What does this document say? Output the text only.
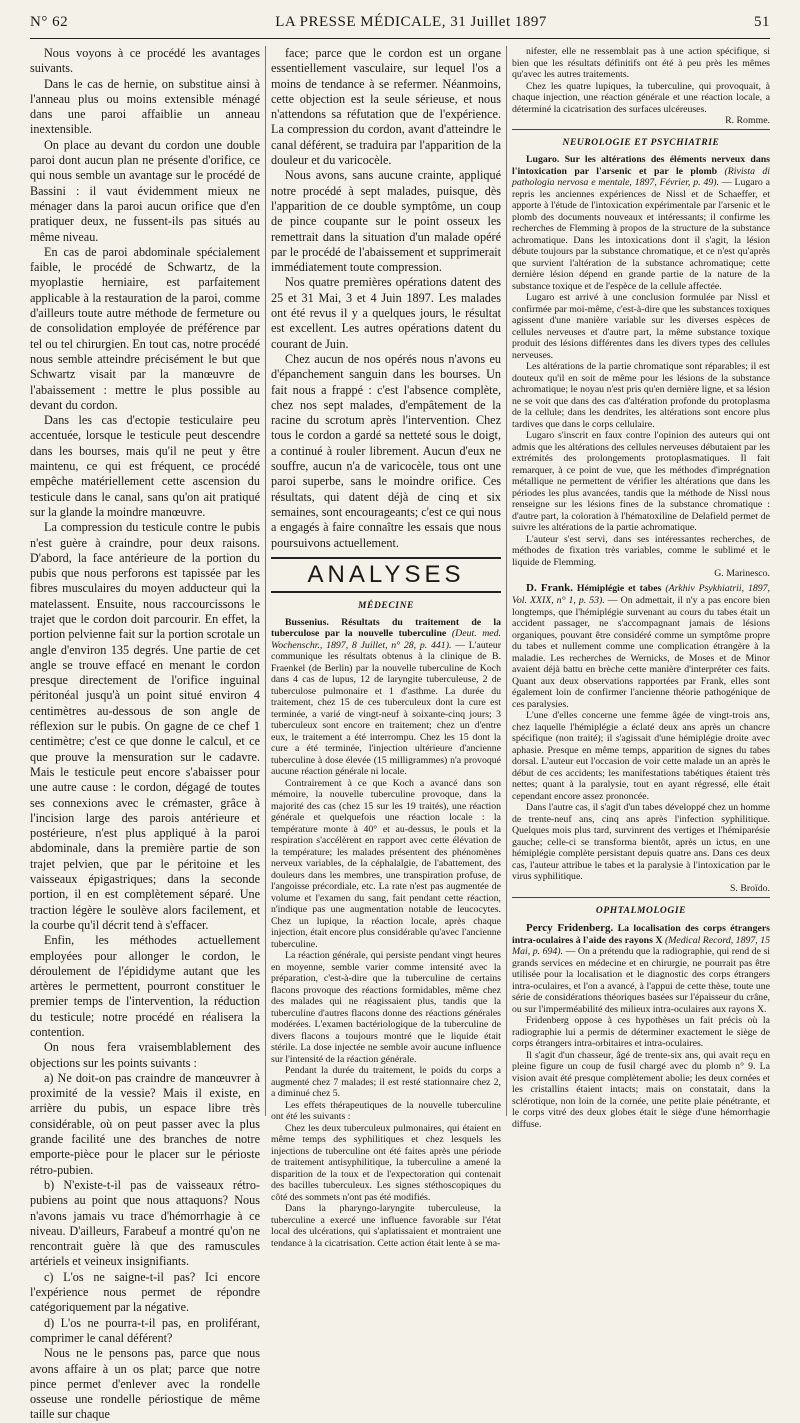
N° 62	LA PRESSE MÉDICALE, 31 Juillet 1897	51

Nous voyons à ce procédé les avantages suivants.

Dans le cas de hernie, on substitue ainsi à l'anneau plus ou moins extensible ménagé dans une paroi affaiblie un anneau inextensible.

On place au devant du cordon une double paroi dont aucun plan ne présente d'orifice, ce qui nous semble un avantage sur le procédé de Bassini : il vaut évidemment mieux ne ménager dans la paroi aucun orifice que d'en pratiquer deux, ne fussent-ils pas situés au même niveau.

En cas de paroi abdominale spécialement faible, le procédé de Schwartz, de la myoplastie herniaire, est parfaitement applicable à la restauration de la paroi, comme d'ailleurs toute autre méthode de fermeture ou de consolidation employée de préférence par tel ou tel chirurgien. En tout cas, notre procédé nous semble atteindre précisément le but que Schwartz visait par la manœuvre de l'abaissement : mettre le plus possible au devant du cordon.

Dans les cas d'ectopie testiculaire peu accentuée, lorsque le testicule peut descendre dans les bourses, mais qu'il ne peut y être maintenu, ce qui est fréquent, ce procédé empêche matériellement cette ascension du testicule dans le canal, sans qu'on ait pratiqué sur la glande la moindre manœuvre.

La compression du testicule contre le pubis n'est guère à craindre, pour deux raisons. D'abord, la face antérieure de la portion du pubis que nous perforons est tapissée par les fibres musculaires du moyen adducteur qui la matelassent. Ensuite, nous raccourcissons le trajet que le cordon doit parcourir. En effet, la portion pelvienne fait sur la portion scrotale un angle d'environ 135 degrés. Une partie de cet angle se trouve effacé en menant le cordon presque directement de l'orifice inguinal péritonéal jusqu'à un point situé environ 4 centimètres au-dessous de son angle de réflexion sur le pubis. On gagne de ce chef 1 centimètre; c'est ce que donne le calcul, et ce que prouve la mensuration sur le cadavre. Mais le testicule peut encore s'abaisser pour une autre cause : le cordon, dégagé de toutes ses connexions avec le crémaster, grâce à l'incision large des parois antérieure et postérieure, n'est plus appliqué à la paroi abdominale, dans la première partie de son trajet pelvien, que par le péritoine et les vaisseaux épigastriques; dans la seconde portion, il en est complètement séparé. Une traction légère le soulève alors facilement, et la courbe qu'il décrit tend à s'effacer.

Enfin, les méthodes actuellement employées pour allonger le cordon, le déroulement de l'épididyme autant que les artères le permettent, pourront constituer le premier temps de l'intervention, la réduction du testicule; notre procédé en réalisera la contention.

On nous fera vraisemblablement des objections sur les points suivants :

a) Ne doit-on pas craindre de manœuvrer à proximité de la vessie? Mais il existe, en arrière du pubis, un espace libre très considérable, où on peut passer avec la plus grande facilité une des branches de notre emporte-pièce pour le placer sur le périoste rétro-pubien.

b) N'existe-t-il pas de vaisseaux rétro-pubiens au point que nous attaquons? Nous n'avons jamais vu trace d'hémorrhagie à ce niveau. D'ailleurs, Farabeuf a montré qu'on ne rencontrait guère là que des ramuscules artériels et veineux insignifiants.

c) L'os ne saigne-t-il pas? Ici encore l'expérience nous permet de répondre catégoriquement par la négative.

d) L'os ne pourra-t-il pas, en proliférant, comprimer le canal déférent?

Nous ne le pensons pas, parce que nous avons affaire à un os plat; parce que notre pince permet d'enlever avec la rondelle osseuse une rondelle périostique de même taille sur chaque

face; parce que le cordon est un organe essentiellement vasculaire, sur lequel l'os a moins de tendance à se refermer. Néanmoins, cette objection est la seule sérieuse, et nous n'attendons sa réfutation que de l'expérience. La compression du cordon, avant d'atteindre le canal déférent, se traduira par l'apparition de la douleur et du varicocèle.

Nous avons, sans aucune crainte, appliqué notre procédé à sept malades, puisque, dès l'apparition de ce double symptôme, un coup de pince coupante sur le point osseux les remettrait dans la situation d'un malade opéré par le procédé de l'abaissement et supprimerait immédiatement toute compression.

Nos quatre premières opérations datent des 25 et 31 Mai, 3 et 4 Juin 1897. Les malades ont été revus il y a quelques jours, le résultat est excellent. Les autres opérations datent du courant de Juin.

Chez aucun de nos opérés nous n'avons eu d'épanchement sanguin dans les bourses. Un fait nous a frappé : c'est l'absence complète, chez nos sept malades, d'empâtement de la racine du scrotum après l'intervention. Chez tous le cordon a gardé sa netteté sous le doigt, a continué à rouler librement. Aucun d'eux ne souffre, aucun n'a de varicocèle, tous ont une paroi superbe, sans le moindre orifice. Ces résultats, qui datent déjà de cinq et six semaines, sont encourageants; c'est ce qui nous a engagés à faire connaître les essais que nous poursuivons actuellement.

ANALYSES
MÉDECINE

Bussenius. Résultats du traitement de la tuberculose par la nouvelle tuberculine (Deut. med. Wochenschr., 1897, 8 Juillet, n° 28, p. 441). — L'auteur communique les résultats obtenus à la clinique de B. Fraenkel (de Berlin) par la nouvelle tuberculine de Koch dans 4 cas de lupus, 12 de laryngite tuberculeuse, 2 de tuberculose pulmonaire et 1 d'asthme. La durée du traitement, chez 15 de ces tuberculeux dont la cure est terminée, a varié de vingt-neuf à soixante-cinq jours; 3 tuberculeux sont encore en traitement; chez un d'entre eux, le traitement a été interrompu. Chez les 15 dont la cure a été terminée, l'injection ultérieure d'ancienne tuberculine à dose élevée (15 milligrammes) n'a provoqué aucune réaction générale ni locale.

Contrairement à ce que Koch a avancé dans son mémoire, la nouvelle tuberculine provoque, dans la majorité des cas (chez 15 sur les 19 traités), une réaction générale et quelquefois une réaction locale : la température monte à 40° et au-dessus, le pouls et la respiration s'accélèrent en rapport avec cette élévation de la température; les malades présentent des phénomènes nerveux variables, de la céphalalgie, de l'abattement, des douleurs dans les membres, une transpiration profuse, de l'angoisse précordiale, etc. La rate n'est pas augmentée de volume et l'examen du sang, fait pendant cette réaction, n'indique pas une augmentation notable de leucocytes. Chez un lupique, la réaction locale, après chaque injection, était encore plus considérable qu'avec l'ancienne tuberculine.

La réaction générale, qui persiste pendant vingt heures en moyenne, semble varier comme intensité avec la préparation, c'est-à-dire que la tuberculine de certains flacons provoque des réactions formidables, même chez des malades qui ne réagissaient plus, tandis que la tuberculine d'autres flacons donne des réactions générales modérées. L'examen bactériologique de la tuberculine de divers flacons a toujours montré que le liquide était stérile. La dose injectée ne semble avoir aucune influence sur l'intensité de la réaction générale.

Pendant la durée du traitement, le poids du corps a augmenté chez 7 malades; il est resté stationnaire chez 2, a diminué chez 5.

Les effets thérapeutiques de la nouvelle tuberculine ont été les suivants :

Chez les deux tuberculeux pulmonaires, qui étaient en même temps des syphilitiques et chez lesquels les injections de tuberculine ont été faites après une période de traitement antisyphilitique, la tuberculine a amené la disparition de la toux et de l'expectoration qui contenait des bacilles tuberculeux. Les signes stéthoscopiques du côté des sommets n'ont pas été modifiés.

Dans la pharyngo-laryngite tuberculeuse, la tuberculine a exercé une influence favorable sur l'état local des ulcérations, qui s'aplatissaient et montraient une tendance à la cicatrisation. Cette action était lente à se ma-

nifester, elle ne ressemblait pas à une action spécifique, si bien que les résultats définitifs ont été à peu près les mêmes qu'avec les autres traitements.

Chez les quatre lupiques, la tuberculine, qui provoquait, à chaque injection, une réaction générale et une réaction locale, a déterminé la cicatrisation des surfaces ulcéreuses.

R. Romme.

NEUROLOGIE ET PSYCHIATRIE

Lugaro. Sur les altérations des éléments nerveux dans l'intoxication par l'arsenic et par le plomb (Rivista di pathologia nervosa e mentale, 1897, Février, p. 49). — Lugaro a repris les anciennes expériences de Nissl et de Schaeffer, et apporte à l'étude de l'intoxication expérimentale par l'arsenic et le plomb des documents nouveaux et intéressants; il confirme les recherches de Flemming à propos de la structure de la substance achromatique. Dans les intoxications dont il s'agit, la lésion débute toujours par la substance chromatique, et ce n'est qu'après que survient l'altération de la substance achromatique; cette dernière lésion dépend en grande partie de la nature de la substance toxique et de l'espèce de la cellule affectée.

Lugaro est arrivé à une conclusion formulée par Nissl et confirmée par moi-même, c'est-à-dire que les substances toxiques agissent d'une manière variable sur les diverses espèces de cellules nerveuses et d'autre part, la même substance toxique produit des lésions différentes dans les divers types des cellules nerveuses.

Les altérations de la partie chromatique sont réparables; il est douteux qu'il en soit de même pour les lésions de la substance achromatique; le noyau n'est pris qu'en dernière ligne, et sa lésion ne se voit que dans des cas d'altération profonde du protoplasma de la cellule; dans les dendrites, les altérations sont encore plus tardives que dans le corps cellulaire.

Lugaro s'inscrit en faux contre l'opinion des auteurs qui ont admis que les altérations des cellules nerveuses débutaient par les extrémités des prolongements protoplasmatiques. Il fait remarquer, à ce point de vue, que les méthodes d'imprégnation métallique ne permettent de vérifier les altérations que dans les périodes les plus avancées, tandis que la méthode de Nissl nous renseigne sur les lésions fines de la substance chromatique : d'autre part, la coloration à l'hématoxiline de Delafield permet de suivre les altérations de la partie achromatique.

L'auteur s'est servi, dans ses intéressantes recherches, de méthodes de fixation très variables, comme le sublimé et le liquide de Flemming.

G. Marinesco.

D. Frank. Hémiplégie et tabes (Arkhiv Psykhiatrii, 1897, Vol. XXIX, n° 1, p. 53). — On admettait, il n'y a pas encore bien longtemps, que l'hémiplégie survenant au cours du tabes était un accident passager, ne s'accompagnant jamais de lésions organiques, pouvant être considéré comme un symptôme propre du tabes et nullement comme une complication étrangère à la maladie. Les recherches de Wernicks, de Moses et de Minor avaient déjà battu en brèche cette manière d'interpréter ces faits. Quant aux deux observations rapportées par Frank, elles sont également loin de confirmer l'ancienne théorie pathogénique de ces paralysies.

L'une d'elles concerne une femme âgée de vingt-trois ans, chez laquelle l'hémiplégie a éclaté deux ans après un chancre spécifique (non traité); il s'agissait d'une hémiplégie droite avec aphasie. Presque en même temps, apparition de signes du tabes dorsal. L'auteur eut l'occasion de voir cette malade un an après le début de ces accidents; les manifestations tabétiques étaient très nettes; quant à la paralysie, tout en ayant régressé, elle était cependant encore assez prononcée.

Dans l'autre cas, il s'agit d'un tabes développé chez un homme de trente-neuf ans, cinq ans après l'infection syphilitique. Quelques mois plus tard, survinrent des vertiges et l'hémiparésie gauche; celle-ci se transforma bientôt, après un ictus, en une hémiplégie complète persistant depuis quatre ans. Dans ces deux cas, l'auteur attribue le tabes et la paralysie à l'intoxication par le virus syphilitique.

S. Broïdo.

OPHTALMOLOGIE

Percy Fridenberg. La localisation des corps étrangers intra-oculaires à l'aide des rayons X (Medical Record, 1897, 15 Mai, p. 694). — On a prétendu que la radiographie, qui rend de si grands services en médecine et en chirurgie, ne pourrait pas être utilisée pour la localisation et le diagnostic des corps étrangers intra-oculaires, et l'on a avancé, à l'appui de cette thèse, toute une série de considérations théoriques basées sur l'épaisseur du crâne, ou sur l'imperméabilité des milieux intra-oculaires aux rayons X.

Fridenberg oppose à ces hypothèses un fait précis où la radiographie lui a permis de déterminer exactement le siège de corps étrangers intra-orbitaires et intra-oculaires.

Il s'agit d'un chasseur, âgé de trente-six ans, qui avait reçu en pleine figure un coup de fusil chargé avec du plomb n° 9. La vision avait été presque complètement abolie; les deux cornées et les cristallins étaient intacts; mais on constatait, dans la sclérotique, non loin de la cornée, une petite plaie pénétrante, et le corps vitré des deux globes était le siège d'une hémorrhagie diffuse.
